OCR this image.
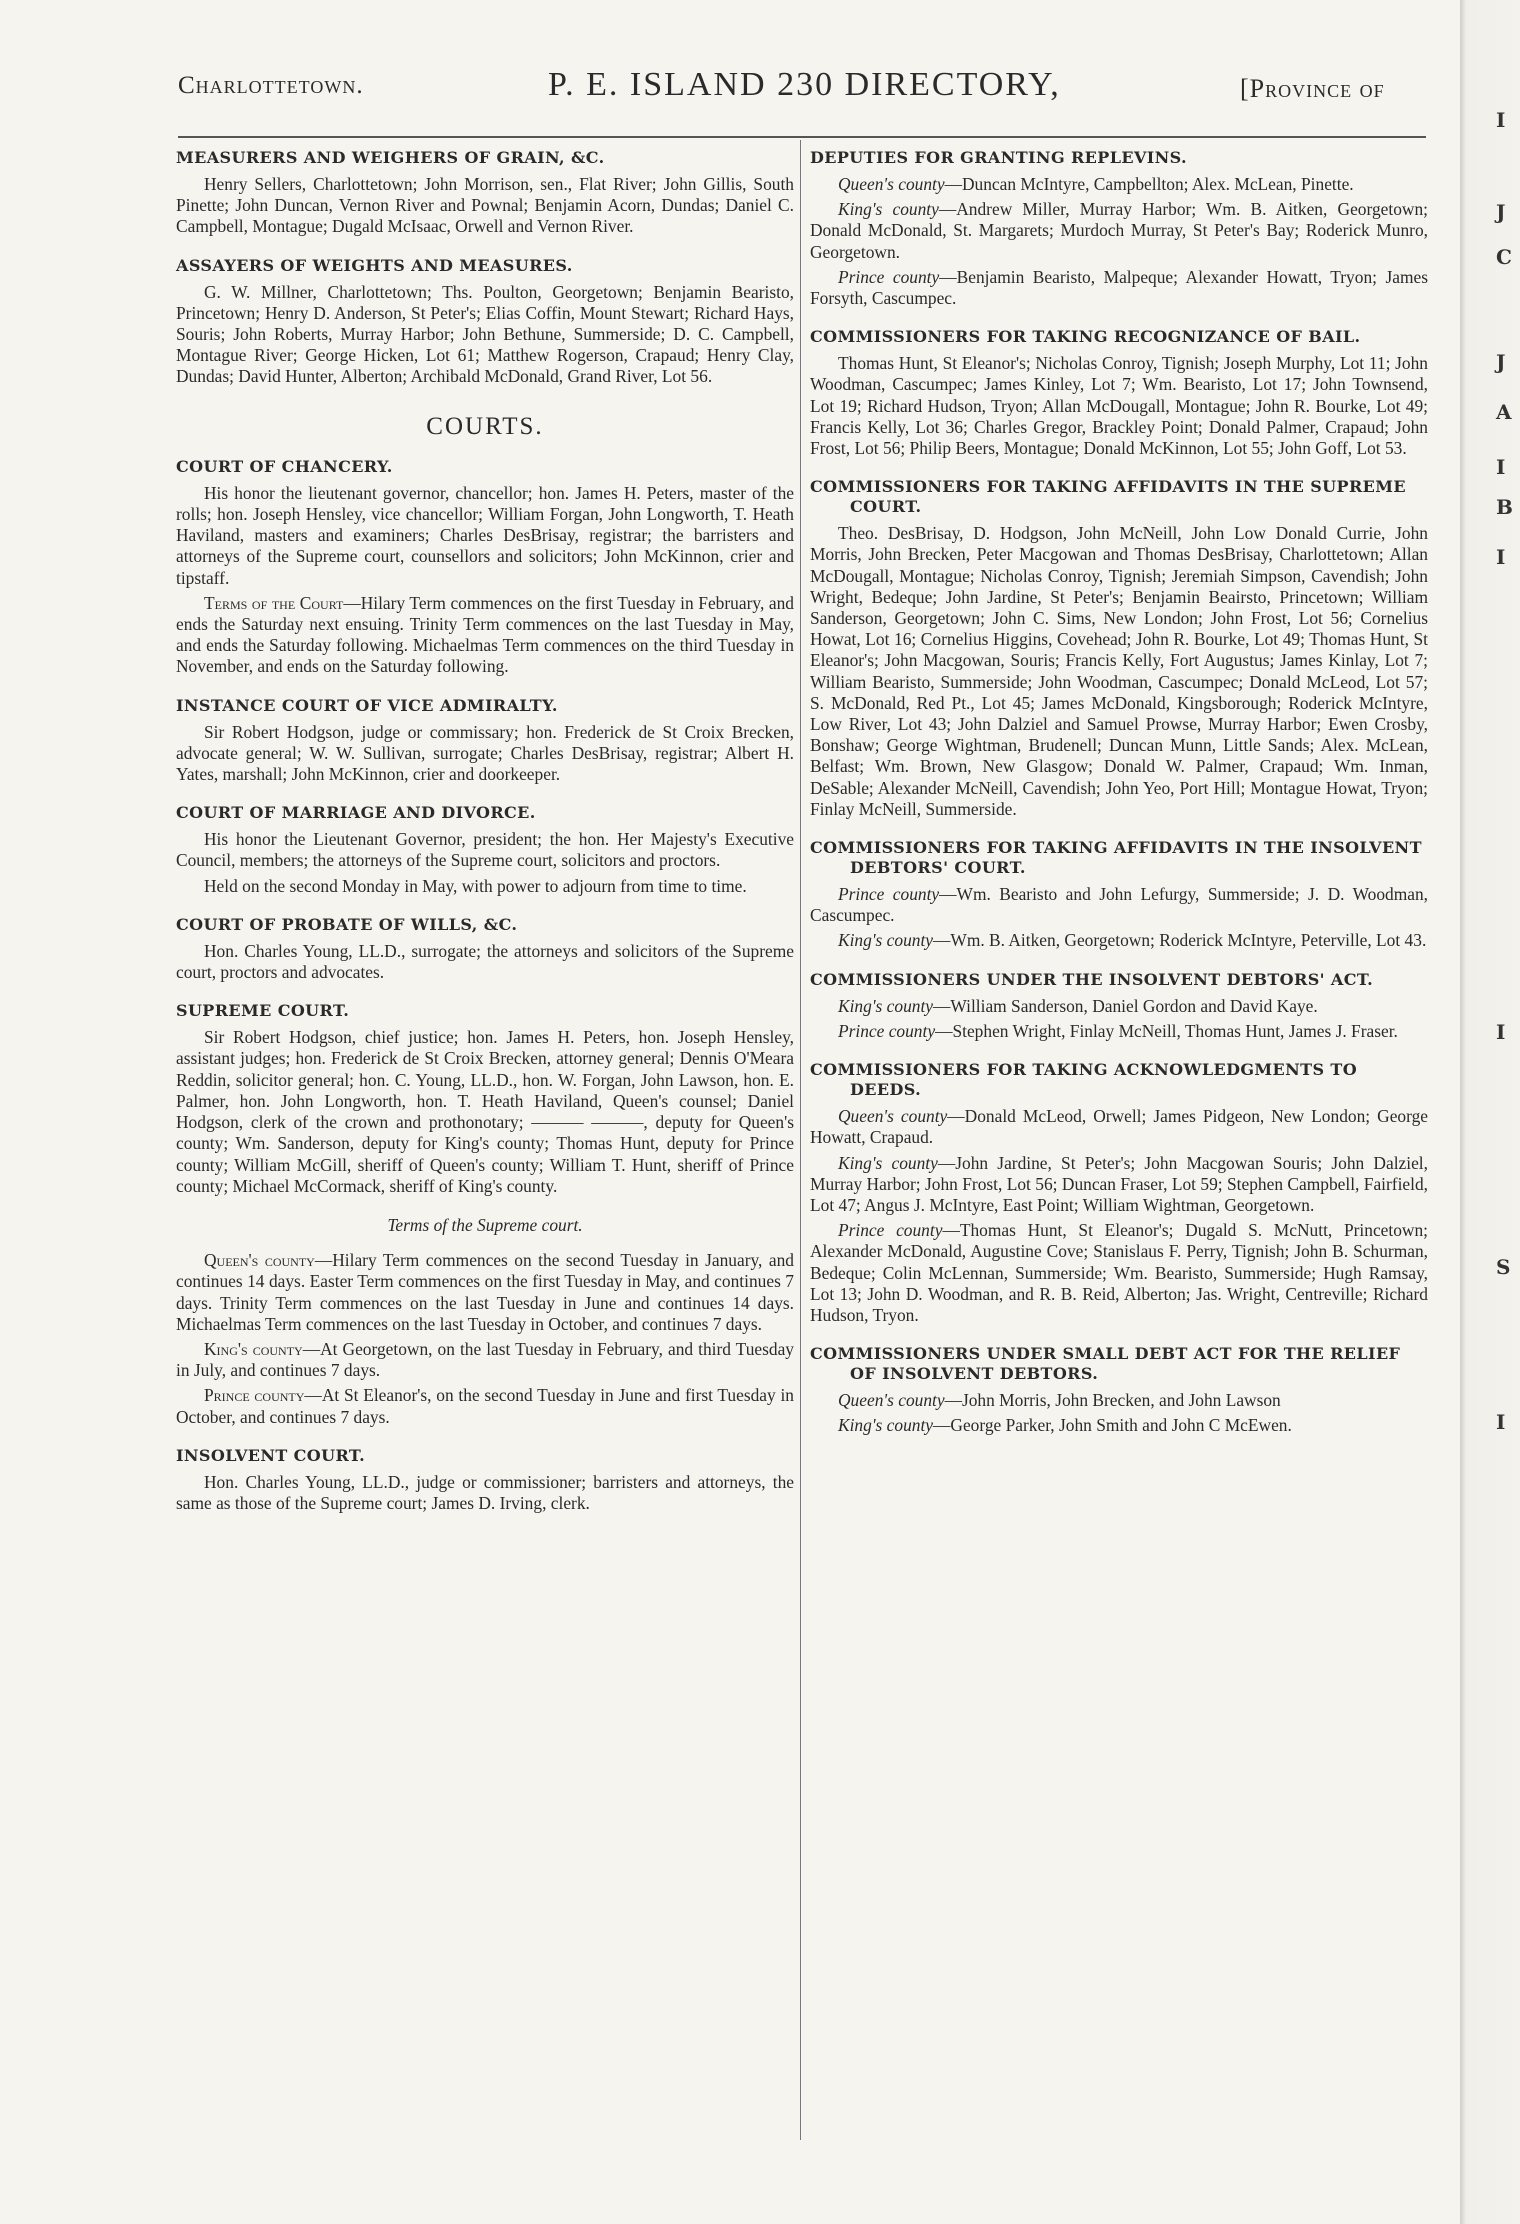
Charlottetown.	P. E. ISLAND 230 DIRECTORY,	[Province of
MEASURERS AND WEIGHERS OF GRAIN, &C.
Henry Sellers, Charlottetown; John Morrison, sen., Flat River; John Gillis, South Pinette; John Duncan, Vernon River and Pownal; Benjamin Acorn, Dundas; Daniel C. Campbell, Montague; Dugald McIsaac, Orwell and Vernon River.
ASSAYERS OF WEIGHTS AND MEASURES.
G. W. Millner, Charlottetown; Ths. Poulton, Georgetown; Benjamin Bearisto, Princetown; Henry D. Anderson, St Peter's; Elias Coffin, Mount Stewart; Richard Hays, Souris; John Roberts, Murray Harbor; John Bethune, Summerside; D. C. Campbell, Montague River; George Hicken, Lot 61; Matthew Rogerson, Crapaud; Henry Clay, Dundas; David Hunter, Alberton; Archibald McDonald, Grand River, Lot 56.
COURTS.
COURT OF CHANCERY.
His honor the lieutenant governor, chancellor; hon. James H. Peters, master of the rolls; hon. Joseph Hensley, vice chancellor; William Forgan, John Longworth, T. Heath Haviland, masters and examiners; Charles DesBrisay, registrar; the barristers and attorneys of the Supreme court, counsellors and solicitors; John McKinnon, crier and tipstaff.
Terms of the Court—Hilary Term commences on the first Tuesday in February, and ends the Saturday next ensuing. Trinity Term commences on the last Tuesday in May, and ends the Saturday following. Michaelmas Term commences on the third Tuesday in November, and ends on the Saturday following.
INSTANCE COURT OF VICE ADMIRALTY.
Sir Robert Hodgson, judge or commissary; hon. Frederick de St Croix Brecken, advocate general; W. W. Sullivan, surrogate; Charles DesBrisay, registrar; Albert H. Yates, marshall; John McKinnon, crier and doorkeeper.
COURT OF MARRIAGE AND DIVORCE.
His honor the Lieutenant Governor, president; the hon. Her Majesty's Executive Council, members; the attorneys of the Supreme court, solicitors and proctors.
Held on the second Monday in May, with power to adjourn from time to time.
COURT OF PROBATE OF WILLS, &C.
Hon. Charles Young, LL.D., surrogate; the attorneys and solicitors of the Supreme court, proctors and advocates.
SUPREME COURT.
Sir Robert Hodgson, chief justice; hon. James H. Peters, hon. Joseph Hensley, assistant judges; hon. Frederick de St Croix Brecken, attorney general; Dennis O'Meara Reddin, solicitor general; hon. C. Young, LL.D., hon. W. Forgan, John Lawson, hon. E. Palmer, hon. John Longworth, hon. T. Heath Haviland, Queen's counsel; Daniel Hodgson, clerk of the crown and prothonotary; ——— ———, deputy for Queen's county; Wm. Sanderson, deputy for King's county; Thomas Hunt, deputy for Prince county; William McGill, sheriff of Queen's county; William T. Hunt, sheriff of Prince county; Michael McCormack, sheriff of King's county.
Terms of the Supreme court.
Queen's county—Hilary Term commences on the second Tuesday in January, and continues 14 days. Easter Term commences on the first Tuesday in May, and continues 7 days. Trinity Term commences on the last Tuesday in June and continues 14 days. Michaelmas Term commences on the last Tuesday in October, and continues 7 days.
King's county—At Georgetown, on the last Tuesday in February, and third Tuesday in July, and continues 7 days.
Prince county—At St Eleanor's, on the second Tuesday in June and first Tuesday in October, and continues 7 days.
INSOLVENT COURT.
Hon. Charles Young, LL.D., judge or commissioner; barristers and attorneys, the same as those of the Supreme court; James D. Irving, clerk.
DEPUTIES FOR GRANTING REPLEVINS.
Queen's county—Duncan McIntyre, Campbellton; Alex. McLean, Pinette.
King's county—Andrew Miller, Murray Harbor; Wm. B. Aitken, Georgetown; Donald McDonald, St. Margarets; Murdoch Murray, St Peter's Bay; Roderick Munro, Georgetown.
Prince county—Benjamin Bearisto, Malpeque; Alexander Howatt, Tryon; James Forsyth, Cascumpec.
COMMISSIONERS FOR TAKING RECOGNIZANCE OF BAIL.
Thomas Hunt, St Eleanor's; Nicholas Conroy, Tignish; Joseph Murphy, Lot 11; John Woodman, Cascumpec; James Kinley, Lot 7; Wm. Bearisto, Lot 17; John Townsend, Lot 19; Richard Hudson, Tryon; Allan McDougall, Montague; John R. Bourke, Lot 49; Francis Kelly, Lot 36; Charles Gregor, Brackley Point; Donald Palmer, Crapaud; John Frost, Lot 56; Philip Beers, Montague; Donald McKinnon, Lot 55; John Goff, Lot 53.
COMMISSIONERS FOR TAKING AFFIDAVITS IN THE SUPREME COURT.
Theo. DesBrisay, D. Hodgson, John McNeill, John Low Donald Currie, John Morris, John Brecken, Peter Macgowan and Thomas DesBrisay, Charlottetown; Allan McDougall, Montague; Nicholas Conroy, Tignish; Jeremiah Simpson, Cavendish; John Wright, Bedeque; John Jardine, St Peter's; Benjamin Beairsto, Princetown; William Sanderson, Georgetown; John C. Sims, New London; John Frost, Lot 56; Cornelius Howat, Lot 16; Cornelius Higgins, Covehead; John R. Bourke, Lot 49; Thomas Hunt, St Eleanor's; John Macgowan, Souris; Francis Kelly, Fort Augustus; James Kinlay, Lot 7; William Bearisto, Summerside; John Woodman, Cascumpec; Donald McLeod, Lot 57; S. McDonald, Red Pt., Lot 45; James McDonald, Kingsborough; Roderick McIntyre, Low River, Lot 43; John Dalziel and Samuel Prowse, Murray Harbor; Ewen Crosby, Bonshaw; George Wightman, Brudenell; Duncan Munn, Little Sands; Alex. McLean, Belfast; Wm. Brown, New Glasgow; Donald W. Palmer, Crapaud; Wm. Inman, DeSable; Alexander McNeill, Cavendish; John Yeo, Port Hill; Montague Howat, Tryon; Finlay McNeill, Summerside.
COMMISSIONERS FOR TAKING AFFIDAVITS IN THE INSOLVENT DEBTORS' COURT.
Prince county—Wm. Bearisto and John Lefurgy, Summerside; J. D. Woodman, Cascumpec.
King's county—Wm. B. Aitken, Georgetown; Roderick McIntyre, Peterville, Lot 43.
COMMISSIONERS UNDER THE INSOLVENT DEBTORS' ACT.
King's county—William Sanderson, Daniel Gordon and David Kaye.
Prince county—Stephen Wright, Finlay McNeill, Thomas Hunt, James J. Fraser.
COMMISSIONERS FOR TAKING ACKNOWLEDGMENTS TO DEEDS.
Queen's county—Donald McLeod, Orwell; James Pidgeon, New London; George Howatt, Crapaud.
King's county—John Jardine, St Peter's; John Macgowan Souris; John Dalziel, Murray Harbor; John Frost, Lot 56; Duncan Fraser, Lot 59; Stephen Campbell, Fairfield, Lot 47; Angus J. McIntyre, East Point; William Wightman, Georgetown.
Prince county—Thomas Hunt, St Eleanor's; Dugald S. McNutt, Princetown; Alexander McDonald, Augustine Cove; Stanislaus F. Perry, Tignish; John B. Schurman, Bedeque; Colin McLennan, Summerside; Wm. Bearisto, Summerside; Hugh Ramsay, Lot 13; John D. Woodman, and R. B. Reid, Alberton; Jas. Wright, Centreville; Richard Hudson, Tryon.
COMMISSIONERS UNDER SMALL DEBT ACT FOR THE RELIEF OF INSOLVENT DEBTORS.
Queen's county—John Morris, John Brecken, and John Lawson
King's county—George Parker, John Smith and John C McEwen.
I
J
C
J
A
I
B
I
I
S
I
